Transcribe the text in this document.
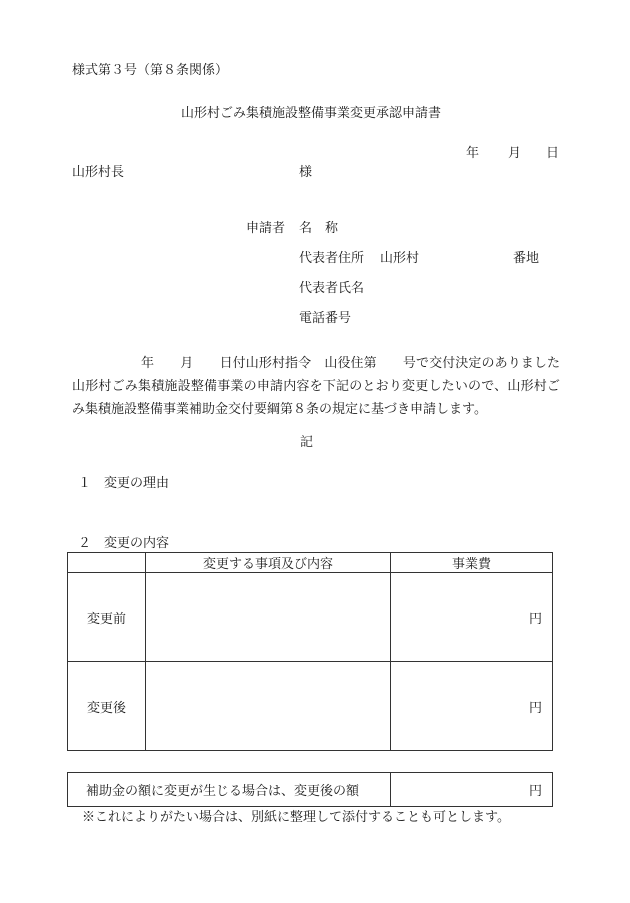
様式第３号（第８条関係）
山形村ごみ集積施設整備事業変更承認申請書
年 月 日
山形村長	様
申請者 名　称
代表者住所 山形村	番地
代表者氏名
電話番号
年　　月　　日付山形村指令　山役住第　　号で交付決定のありました山形村ごみ集積施設整備事業の申請内容を下記のとおり変更したいので、山形村ごみ集積施設整備事業補助金交付要綱第８条の規定に基づき申請します。
記
１　変更の理由
２　変更の内容
	変更する事項及び内容	事業費
変更前		円
変更後		円
補助金の額に変更が生じる場合は、変更後の額	円
※これによりがたい場合は、別紙に整理して添付することも可とします。
